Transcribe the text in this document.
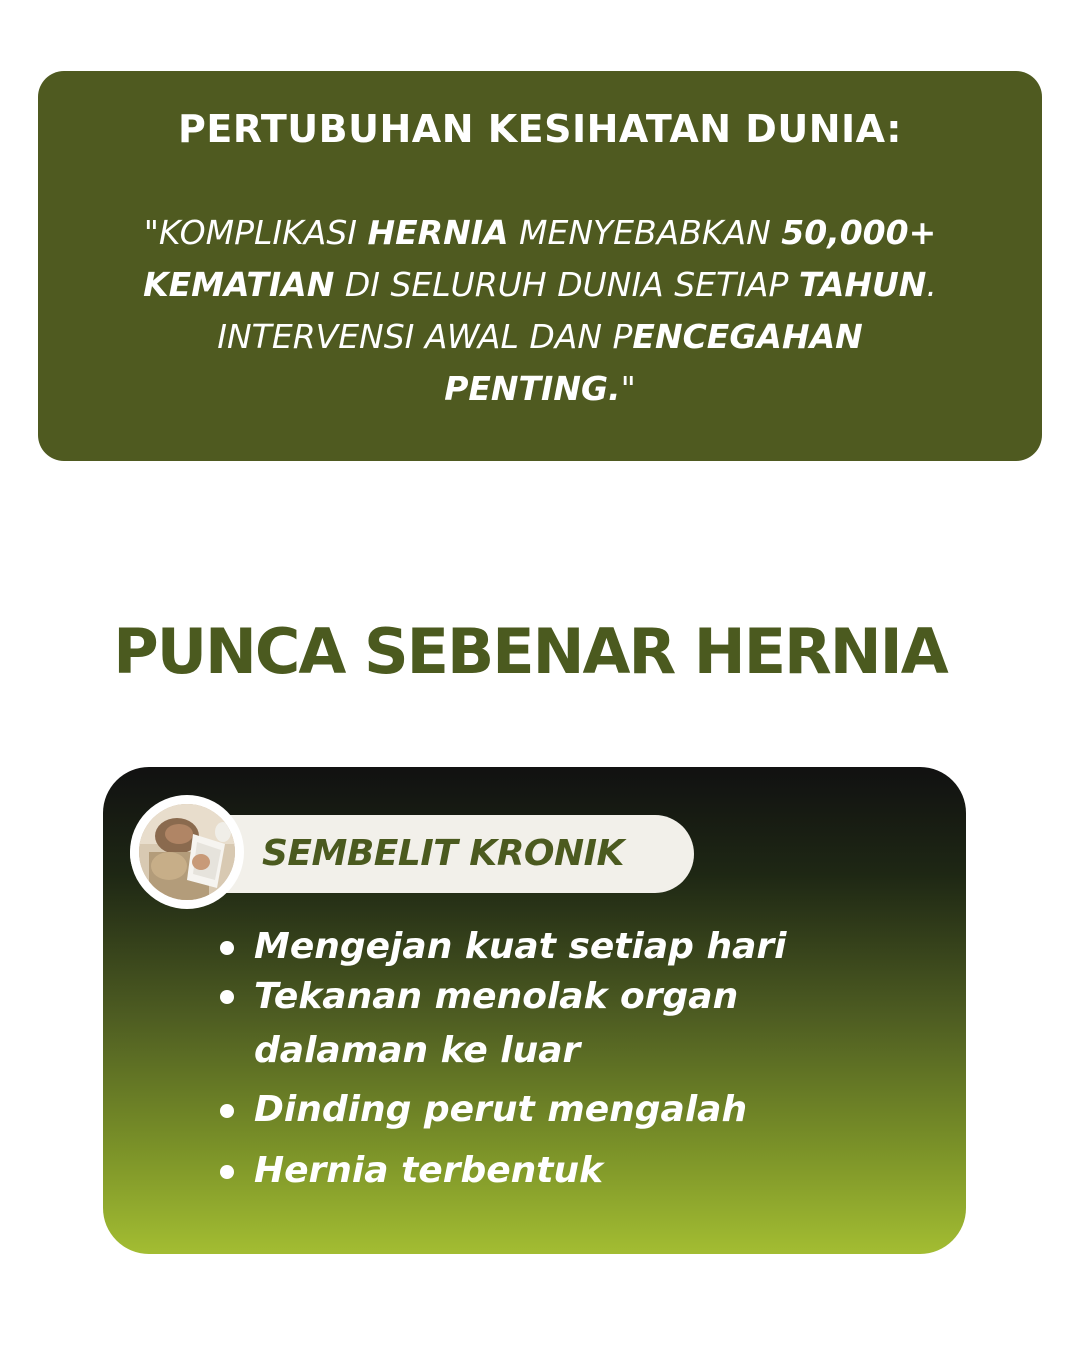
PERTUBUHAN KESIHATAN DUNIA:
"KOMPLIKASI HERNIA MENYEBABKAN 50,000+
KEMATIAN DI SELURUH DUNIA SETIAP TAHUN.
INTERVENSI AWAL DAN PENCEGAHAN
PENTING."
PUNCA SEBENAR HERNIA
SEMBELIT KRONIK
Mengejan kuat setiap hari
Tekanan menolak organ dalaman ke luar
Dinding perut mengalah
Hernia terbentuk
